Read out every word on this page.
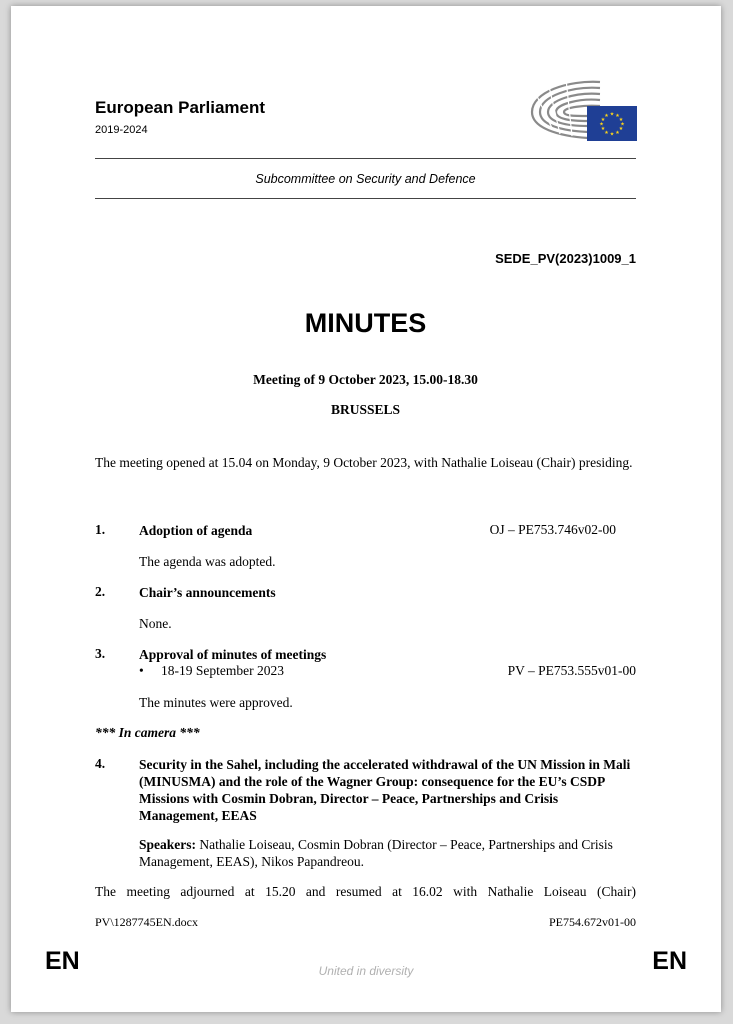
European Parliament
2019-2024
★ ★
★
★
★
★
★
★
★
★
★
★
Subcommittee on Security and Defence
SEDE_PV(2023)1009_1
MINUTES
Meeting of 9 October 2023, 15.00-18.30
BRUSSELS
The meeting opened at 15.04 on Monday, 9 October 2023, with Nathalie Loiseau (Chair) presiding.
1.	Adoption of agenda	OJ – PE753.746v02-00
The agenda was adopted.
2.	Chair’s announcements
None.
3.	Approval of minutes of meetings
• 18-19 September 2023	PV – PE753.555v01-00
The minutes were approved.
*** In camera ***
4.	Security in the Sahel, including the accelerated withdrawal of the UN Mission in Mali (MINUSMA) and the role of the Wagner Group: consequence for the EU’s CSDP Missions with Cosmin Dobran, Director – Peace, Partnerships and Crisis Management, EEAS
Speakers: Nathalie Loiseau, Cosmin Dobran (Director – Peace, Partnerships and Crisis Management, EEAS), Nikos Papandreou.
The meeting adjourned at 15.20 and resumed at 16.02 with Nathalie Loiseau (Chair)
PV\1287745EN.docx	PE754.672v01-00
EN	EN
United in diversity
